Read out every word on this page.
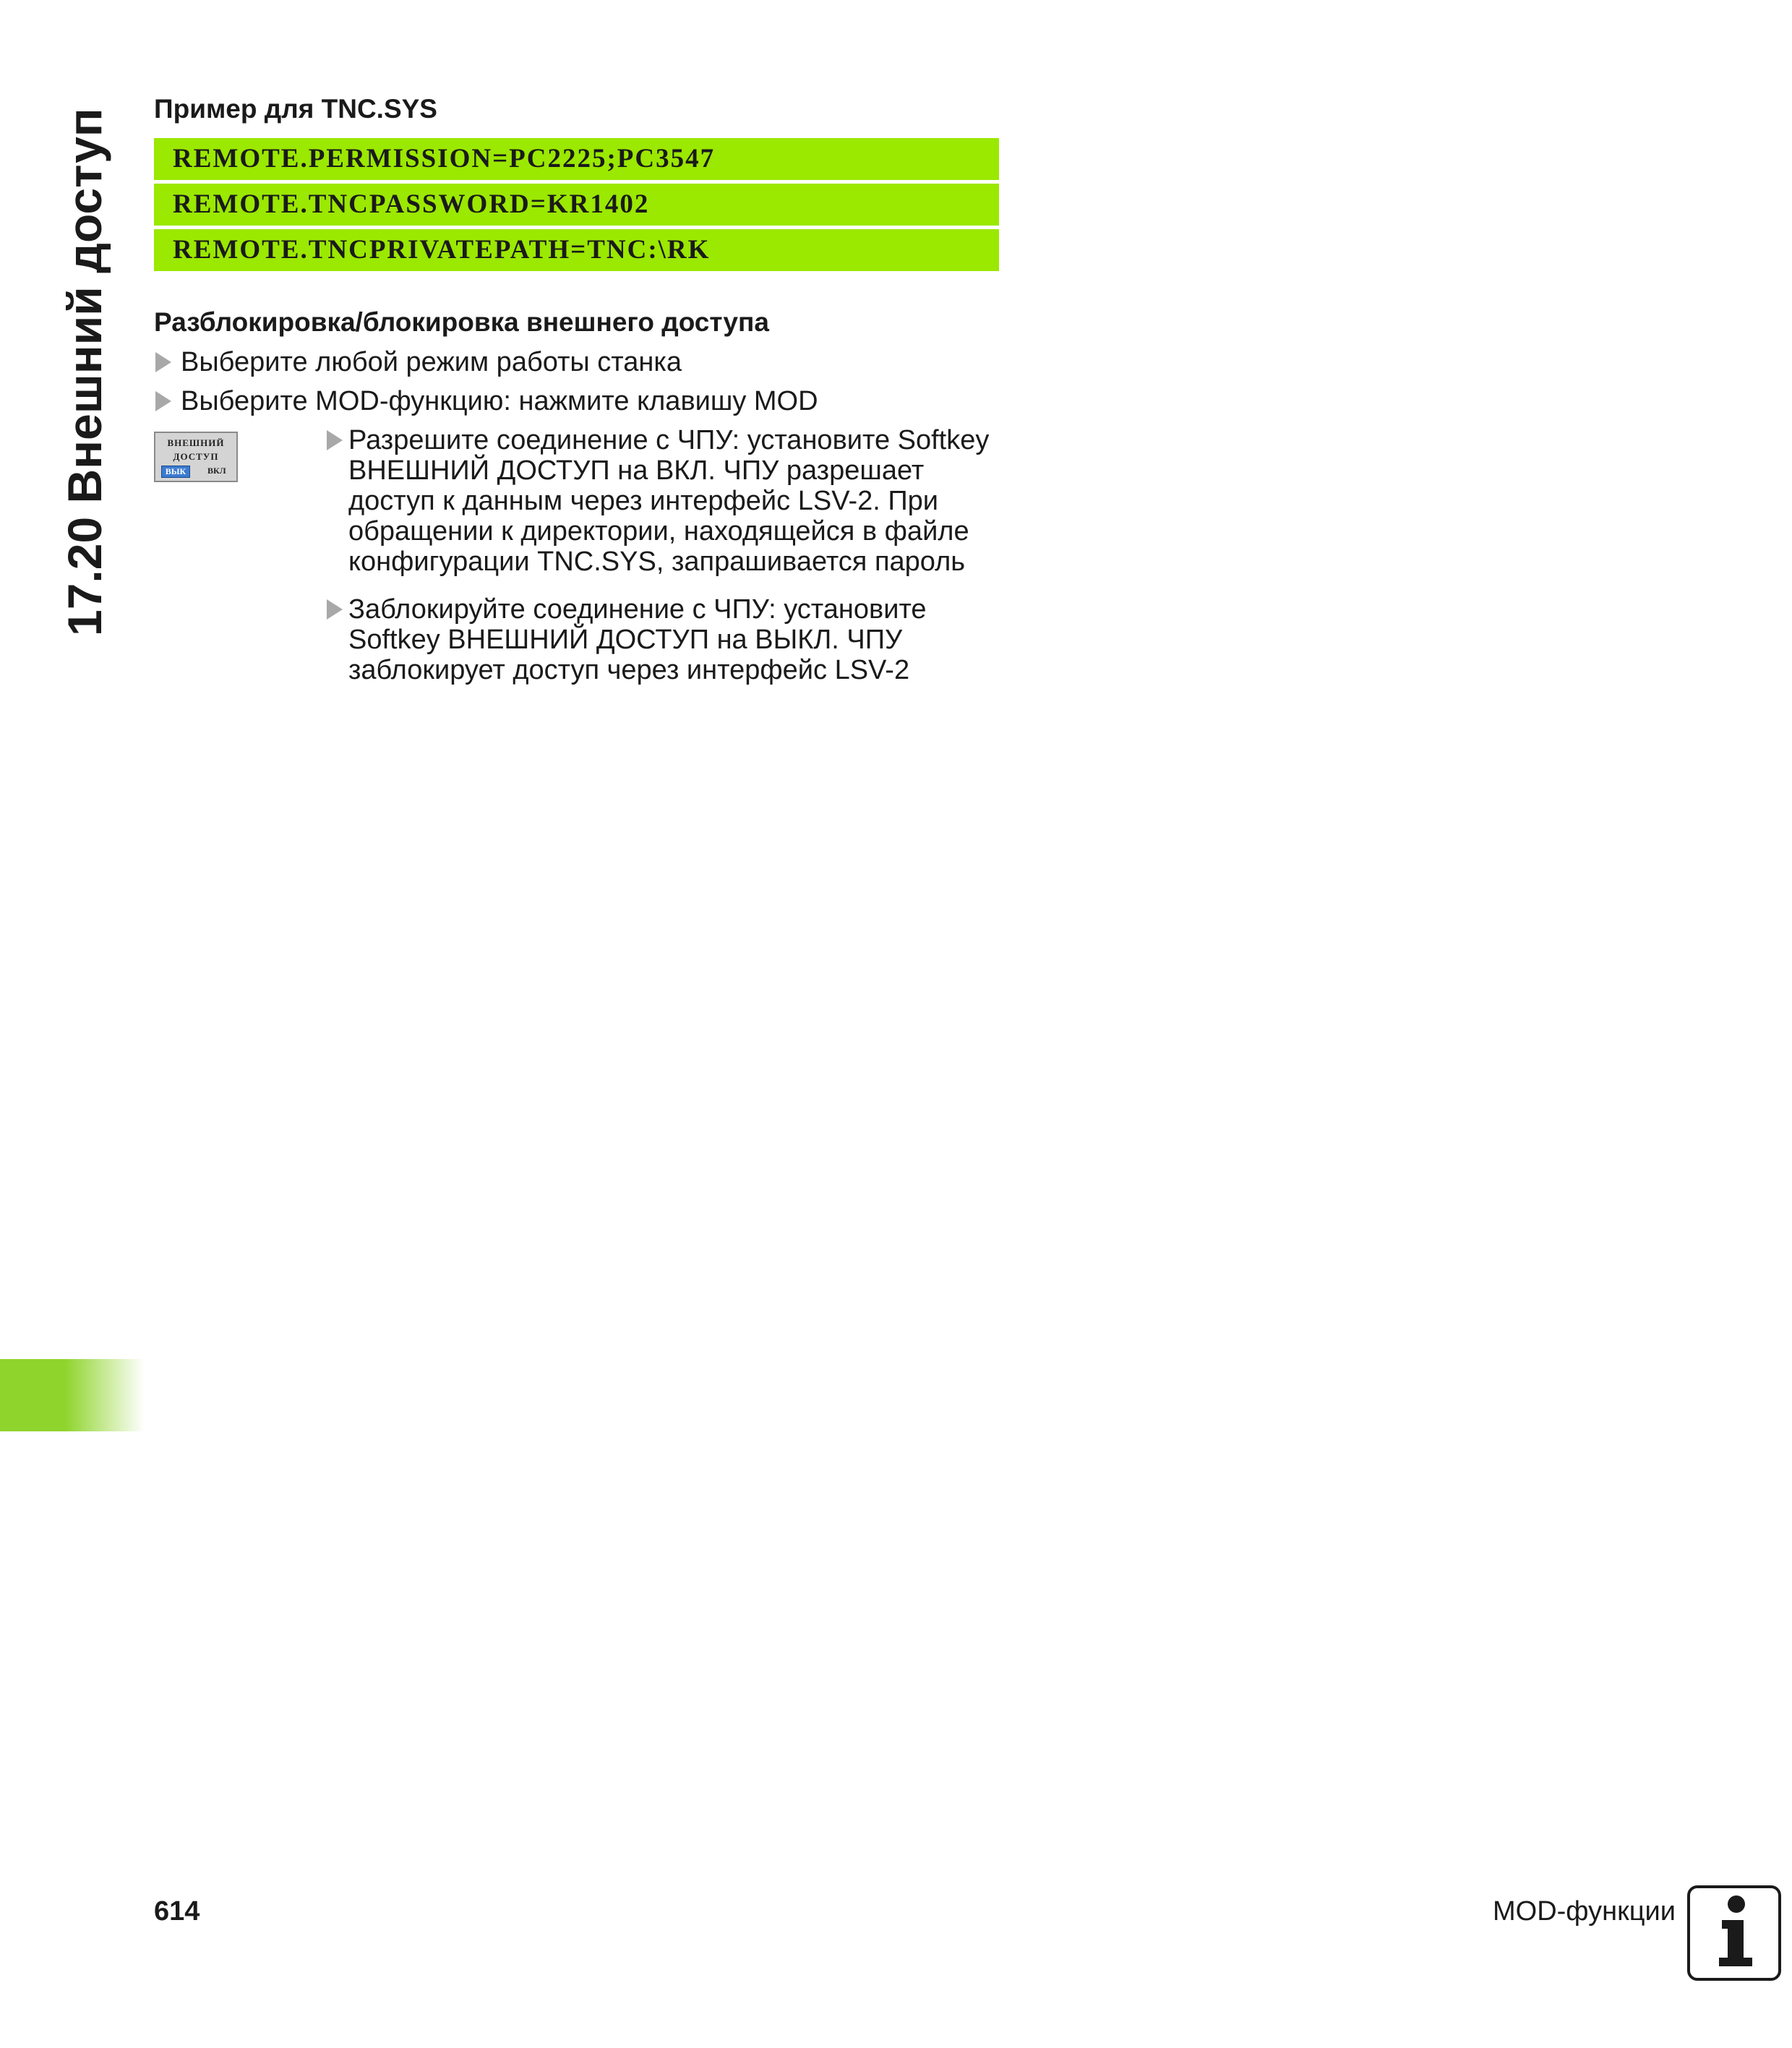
17.20 Внешний доступ Пример для TNC.SYS
REMOTE.PERMISSION=PC2225;PC3547
REMOTE.TNCPASSWORD=KR1402
REMOTE.TNCPRIVATEPATH=TNC:\RK
Разблокировка/блокировка внешнего доступа
Выберите любой режим работы станка
Выберите MOD-функцию: нажмите клавишу MOD
ВНЕШНИЙ
ДОСТУП
ВЫК	ВКЛ
Разрешите соединение с ЧПУ: установите Softkey
ВНЕШНИЙ ДОСТУП на ВКЛ. ЧПУ разрешает
доступ к данным через интерфейс LSV-2. При
обращении к директории, находящейся в файле
конфигурации TNC.SYS, запрашивается пароль
Заблокируйте соединение с ЧПУ: установите
Softkey ВНЕШНИЙ ДОСТУП на ВЫКЛ. ЧПУ
заблокирует доступ через интерфейс LSV-2
614	MOD-функции
